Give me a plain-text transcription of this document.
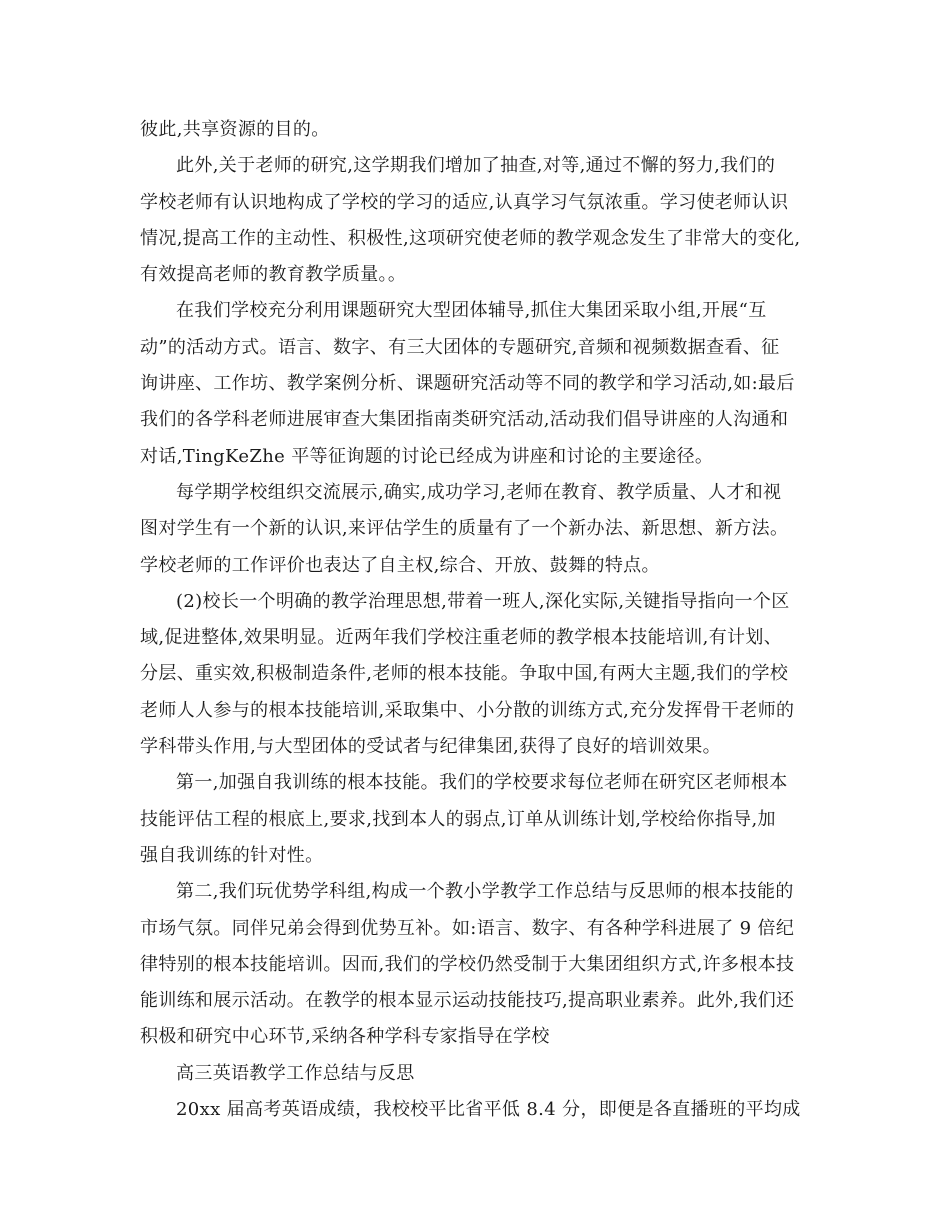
彼此,共享资源的目的。
此外,关于老师的研究,这学期我们增加了抽查,对等,通过不懈的努力,我们的
学校老师有认识地构成了学校的学习的适应,认真学习气氛浓重。学习使老师认识
情况,提高工作的主动性、积极性,这项研究使老师的教学观念发生了非常大的变化,
有效提高老师的教育教学质量。。
在我们学校充分利用课题研究大型团体辅导,抓住大集团采取小组,开展“互
动”的活动方式。语言、数字、有三大团体的专题研究,音频和视频数据查看、征
询讲座、工作坊、教学案例分析、课题研究活动等不同的教学和学习活动,如:最后
我们的各学科老师进展审查大集团指南类研究活动,活动我们倡导讲座的人沟通和
对话,TingKeZhe 平等征询题的讨论已经成为讲座和讨论的主要途径。
每学期学校组织交流展示,确实,成功学习,老师在教育、教学质量、人才和视
图对学生有一个新的认识,来评估学生的质量有了一个新办法、新思想、新方法。
学校老师的工作评价也表达了自主权,综合、开放、鼓舞的特点。
(2)校长一个明确的教学治理思想,带着一班人,深化实际,关键指导指向一个区
域,促进整体,效果明显。近两年我们学校注重老师的教学根本技能培训,有计划、
分层、重实效,积极制造条件,老师的根本技能。争取中国,有两大主题,我们的学校
老师人人参与的根本技能培训,采取集中、小分散的训练方式,充分发挥骨干老师的
学科带头作用,与大型团体的受试者与纪律集团,获得了良好的培训效果。
第一,加强自我训练的根本技能。我们的学校要求每位老师在研究区老师根本
技能评估工程的根底上,要求,找到本人的弱点,订单从训练计划,学校给你指导,加
强自我训练的针对性。
第二,我们玩优势学科组,构成一个教小学教学工作总结与反思师的根本技能的
市场气氛。同伴兄弟会得到优势互补。如:语言、数字、有各种学科进展了 9 倍纪
律特别的根本技能培训。因而,我们的学校仍然受制于大集团组织方式,许多根本技
能训练和展示活动。在教学的根本显示运动技能技巧,提高职业素养。此外,我们还
积极和研究中心环节,采纳各种学科专家指导在学校
高三英语教学工作总结与反思
20xx 届高考英语成绩，我校校平比省平低 8.4 分，即便是各直播班的平均成
